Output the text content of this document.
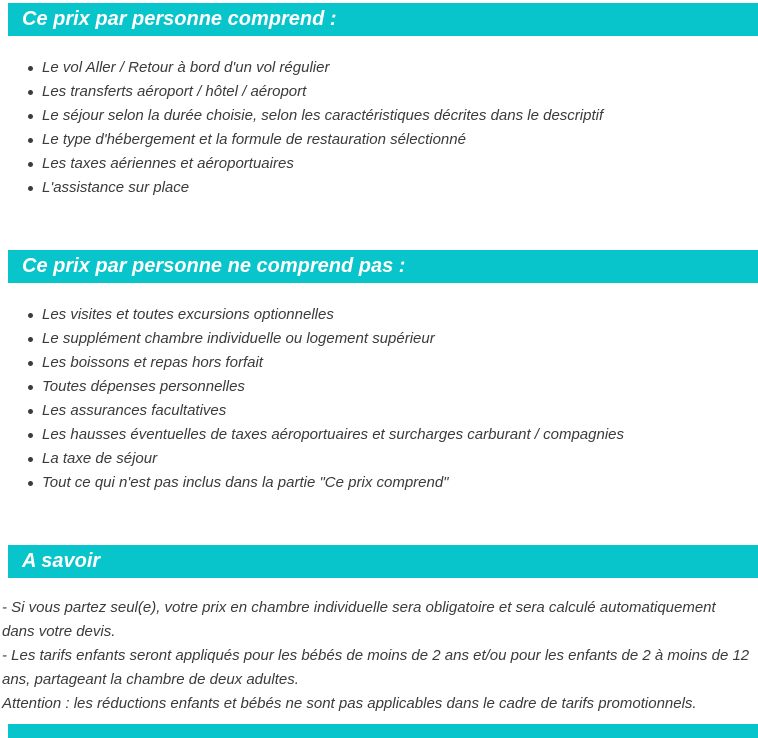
Ce prix par personne comprend :
Le vol Aller / Retour à bord d'un vol régulier
Les transferts aéroport / hôtel / aéroport
Le séjour selon la durée choisie, selon les caractéristiques décrites dans le descriptif
Le type d'hébergement et la formule de restauration sélectionné
Les taxes aériennes et aéroportuaires
L'assistance sur place
Ce prix par personne ne comprend pas :
Les visites et toutes excursions optionnelles
Le supplément chambre individuelle ou logement supérieur
Les boissons et repas hors forfait
Toutes dépenses personnelles
Les assurances facultatives
Les hausses éventuelles de taxes aéroportuaires et surcharges carburant / compagnies
La taxe de séjour
Tout ce qui n'est pas inclus dans la partie "Ce prix comprend"
A savoir

- Si vous partez seul(e), votre prix en chambre individuelle sera obligatoire et sera calculé automatiquement dans votre devis.

- Les tarifs enfants seront appliqués pour les bébés de moins de 2 ans et/ou pour les enfants de 2 à moins de 12 ans, partageant la chambre de deux adultes.

Attention : les réductions enfants et bébés ne sont pas applicables dans le cadre de tarifs promotionnels.
